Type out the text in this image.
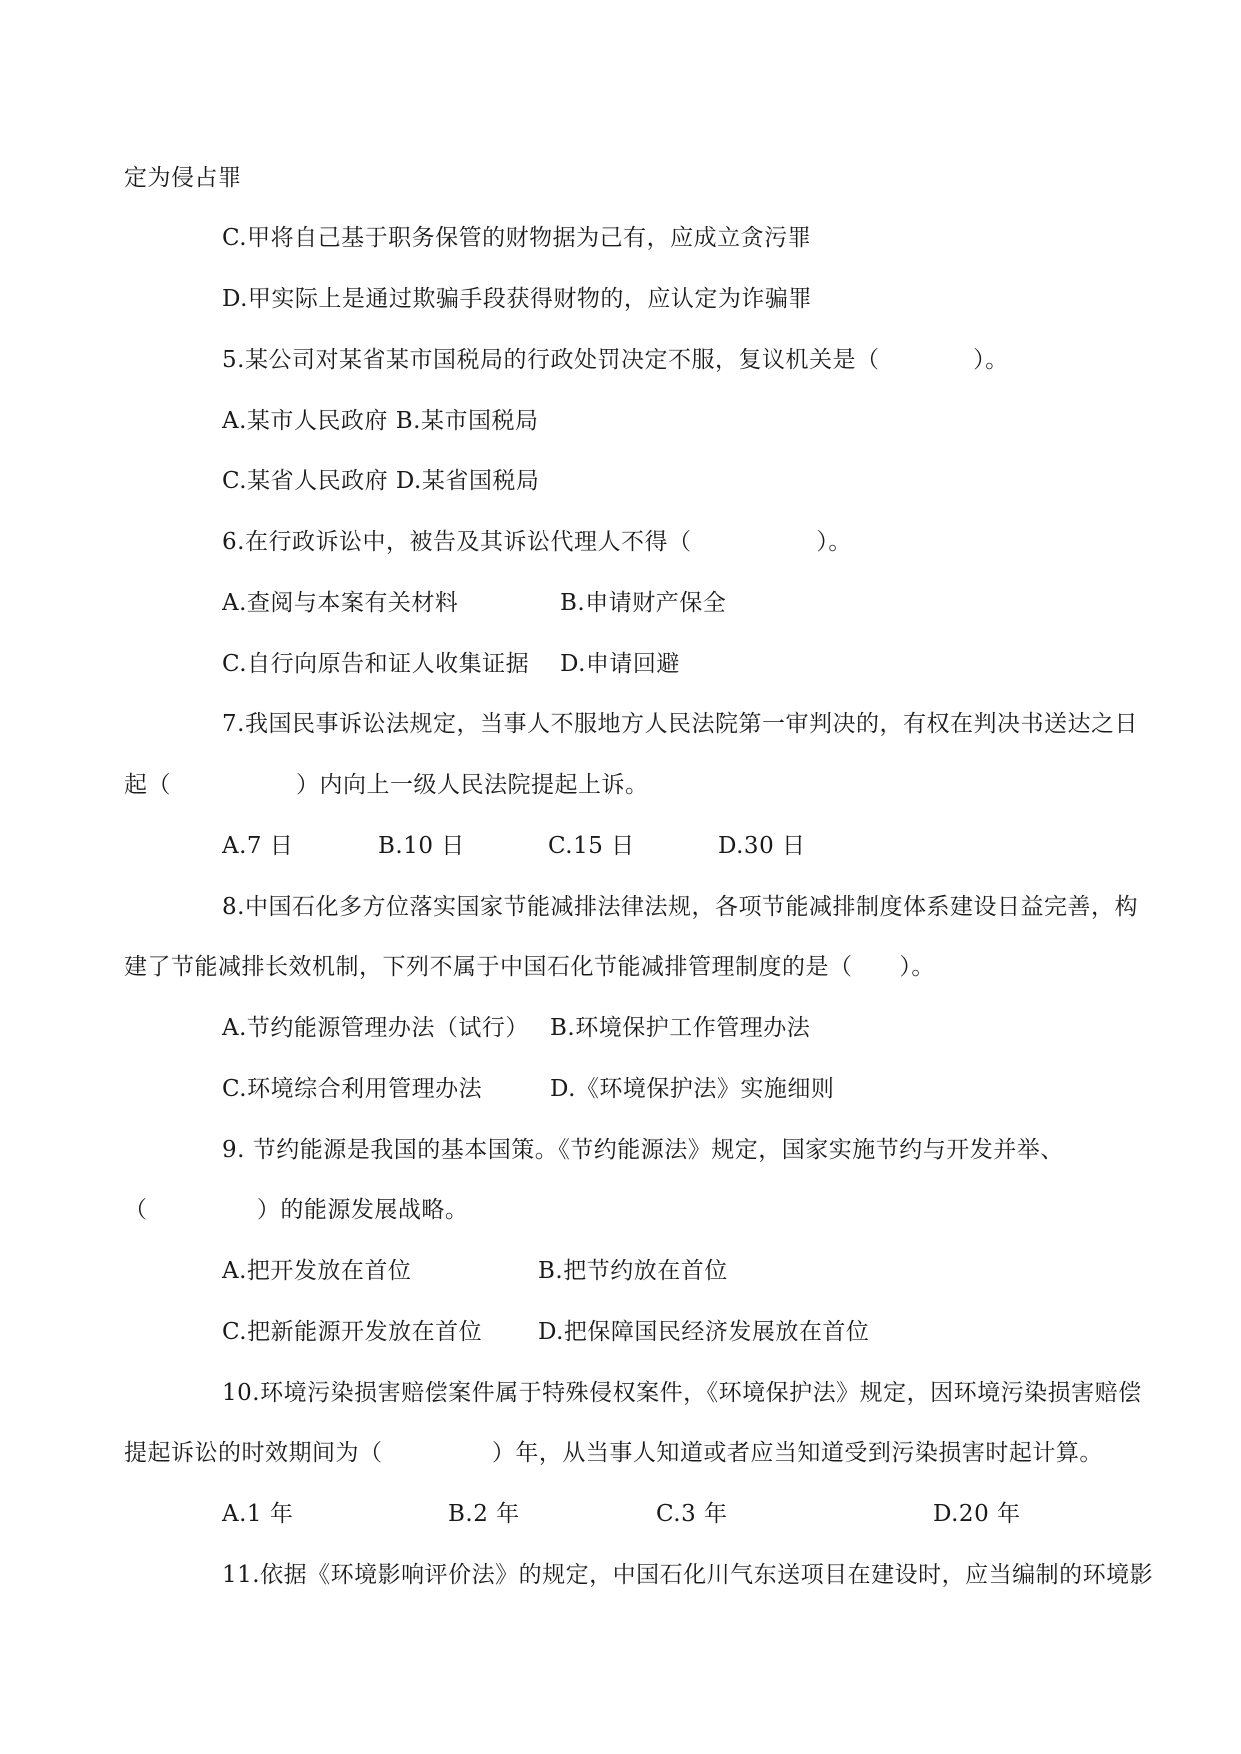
定为侵占罪
C.甲将自己基于职务保管的财物据为己有，应成立贪污罪
D.甲实际上是通过欺骗手段获得财物的，应认定为诈骗罪
5.某公司对某省某市国税局的行政处罚决定不服，复议机关是（            ）。
A.某市人民政府 B.某市国税局
C.某省人民政府 D.某省国税局
6.在行政诉讼中，被告及其诉讼代理人不得（                ）。
A.查阅与本案有关材料	B.申请财产保全
C.自行向原告和证人收集证据 D.申请回避
7.我国民事诉讼法规定，当事人不服地方人民法院第一审判决的，有权在判决书送达之日
起（                ）内向上一级人民法院提起上诉。
A.7 日	B.10 日	C.15 日	D.30 日
8.中国石化多方位落实国家节能减排法律法规，各项节能减排制度体系建设日益完善，构
建了节能减排长效机制，下列不属于中国石化节能减排管理制度的是（      ）。
A.节约能源管理办法（试行） B.环境保护工作管理办法
C.环境综合利用管理办法	D.《环境保护法》实施细则
9. 节约能源是我国的基本国策。《节约能源法》规定，国家实施节约与开发并举、
（              ）的能源发展战略。
A.把开发放在首位	B.把节约放在首位
C.把新能源开发放在首位 D.把保障国民经济发展放在首位
10.环境污染损害赔偿案件属于特殊侵权案件，《环境保护法》规定，因环境污染损害赔偿
提起诉讼的时效期间为（              ）年，从当事人知道或者应当知道受到污染损害时起计算。
A.1 年	B.2 年	C.3 年	D.20 年
11.依据《环境影响评价法》的规定，中国石化川气东送项目在建设时，应当编制的环境影
